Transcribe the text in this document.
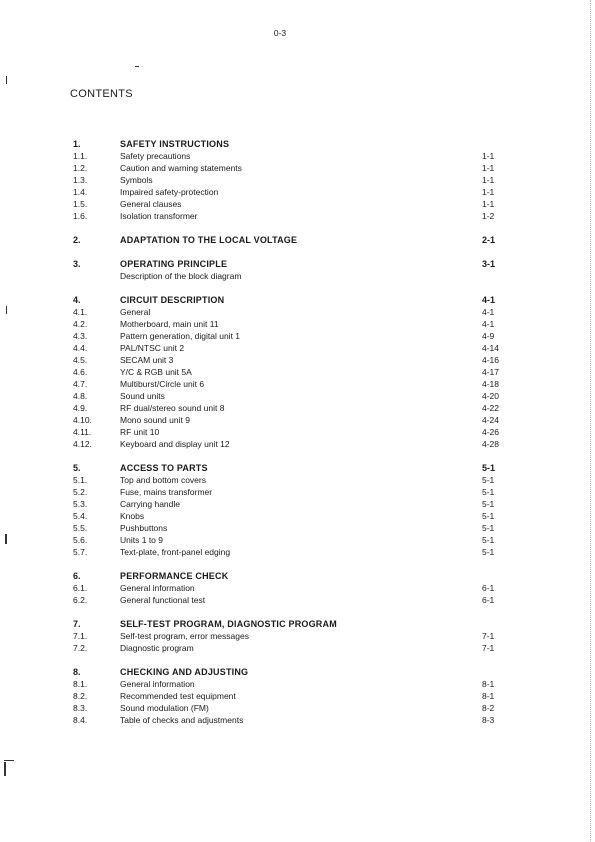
0-3
CONTENTS
1.	SAFETY INSTRUCTIONS
1.1.	Safety precautions	1-1
1.2.	Caution and warning statements	1-1
1.3.	Symbols	1-1
1.4.	Impaired safety-protection	1-1
1.5.	General clauses	1-1
1.6.	Isolation transformer	1-2
2.	ADAPTATION TO THE LOCAL VOLTAGE	2-1
3.	OPERATING PRINCIPLE	3-1
Description of the block diagram
4.	CIRCUIT DESCRIPTION	4-1
4.1.	General	4-1
4.2.	Motherboard, main unit 11	4-1
4.3.	Pattern generation, digital unit 1	4-9
4.4.	PAL/NTSC unit 2	4-14
4.5.	SECAM unit 3	4-16
4.6.	Y/C & RGB unit 5A	4-17
4.7.	Multiburst/Circle unit 6	4-18
4.8.	Sound units	4-20
4.9.	RF dual/stereo sound unit 8	4-22
4.10.	Mono sound unit 9	4-24
4.11.	RF unit 10	4-26
4.12.	Keyboard and display unit 12	4-28
5.	ACCESS TO PARTS	5-1
5.1.	Top and bottom covers	5-1
5.2.	Fuse, mains transformer	5-1
5.3.	Carrying handle	5-1
5.4.	Knobs	5-1
5.5.	Pushbuttons	5-1
5.6.	Units 1 to 9	5-1
5.7.	Text-plate, front-panel edging	5-1
6.	PERFORMANCE CHECK
6.1.	General information	6-1
6.2.	General functional test	6-1
7.	SELF-TEST PROGRAM, DIAGNOSTIC PROGRAM
7.1.	Self-test program, error messages	7-1
7.2.	Diagnostic program	7-1
8.	CHECKING AND ADJUSTING
8.1.	General information	8-1
8.2.	Recommended test equipment	8-1
8.3.	Sound modulation (FM)	8-2
8.4.	Table of checks and adjustments	8-3
